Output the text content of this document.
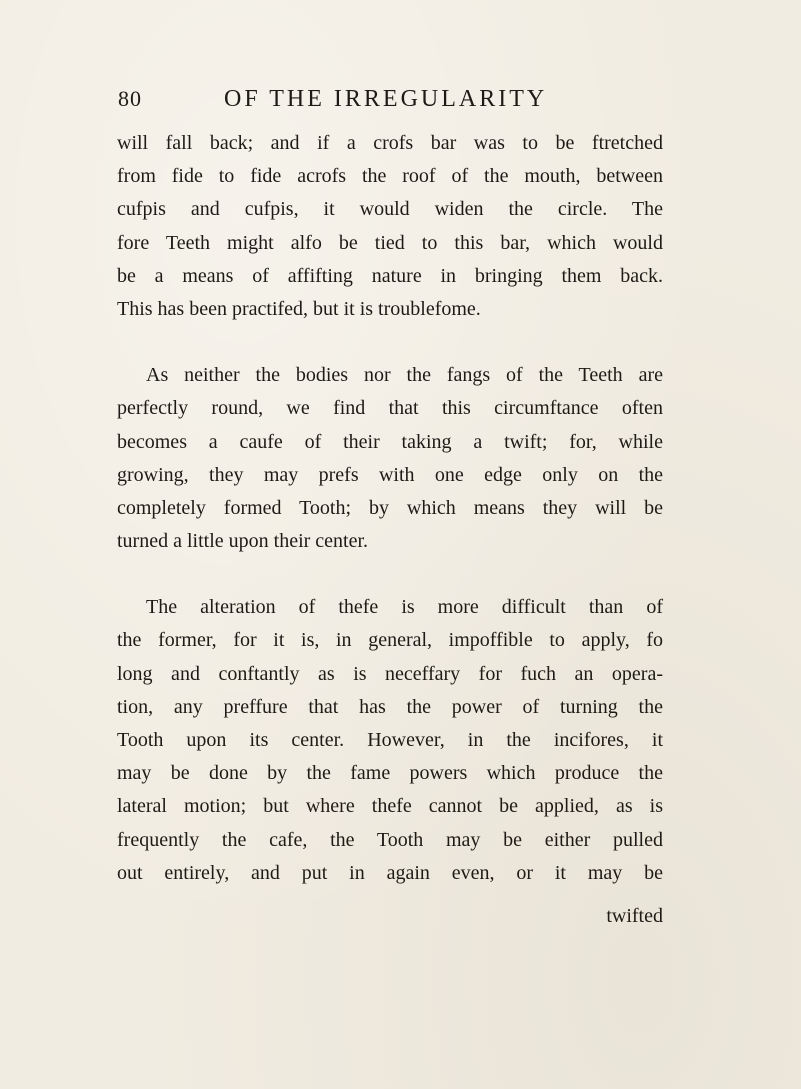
80	OF THE IRREGULARITY

will fall back; and if a crofs bar was to be ftretched
from fide to fide acrofs the roof of the mouth, between
cufpis and cufpis, it would widen the circle. The
fore Teeth might alfo be tied to this bar, which would
be a means of affifting nature in bringing them back.
This has been practifed, but it is troublefome.

As neither the bodies nor the fangs of the Teeth are
perfectly round, we find that this circumftance often
becomes a caufe of their taking a twift; for, while
growing, they may prefs with one edge only on the
completely formed Tooth; by which means they will be
turned a little upon their center.

The alteration of thefe is more difficult than of
the former, for it is, in general, impoffible to apply, fo
long and conftantly as is neceffary for fuch an opera-
tion, any preffure that has the power of turning the
Tooth upon its center. However, in the incifores, it
may be done by the fame powers which produce the
lateral motion; but where thefe cannot be applied, as is
frequently the cafe, the Tooth may be either pulled
out entirely, and put in again even, or it may be

twifted
